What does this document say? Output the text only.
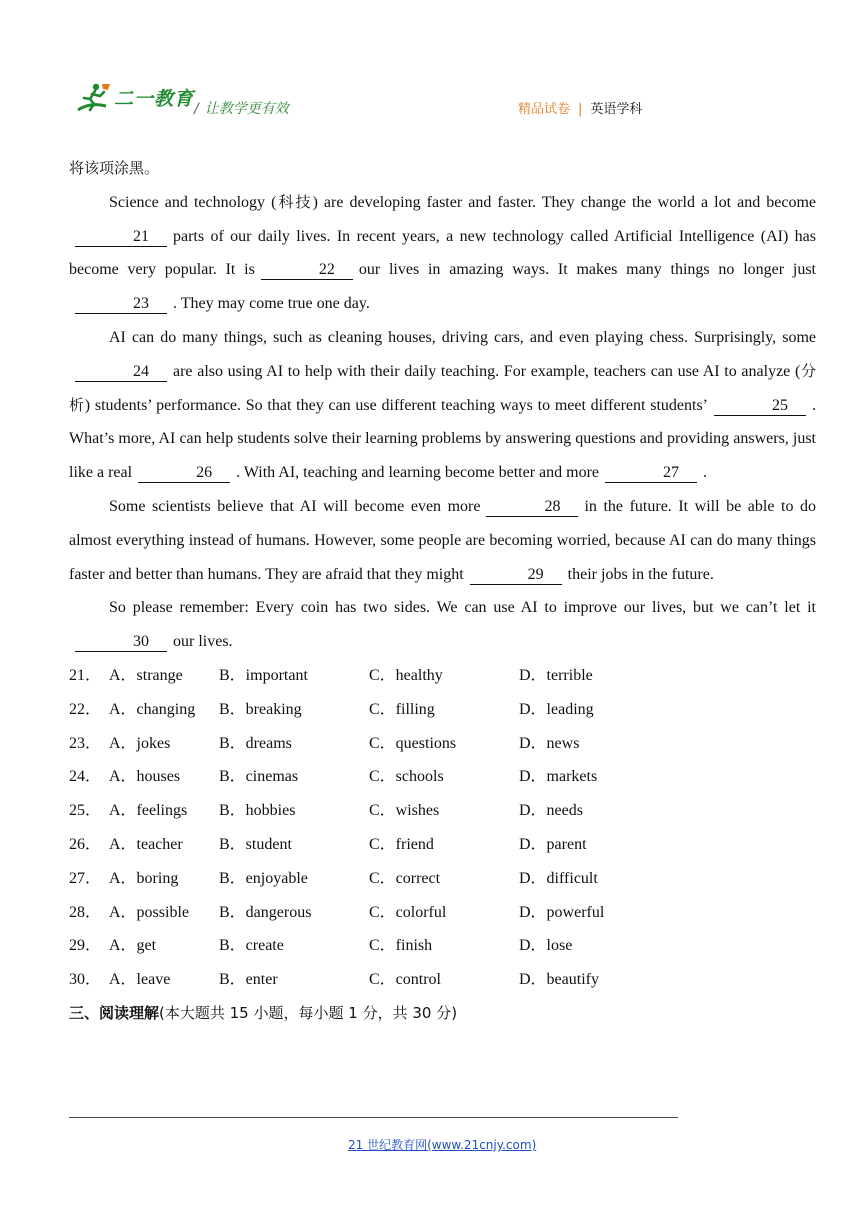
二一教育 / 让教学更有效	精品试卷 | 英语学科

将该项涂黑。

Science and technology (科技) are developing faster and faster. They change the world a lot and become21 parts of our daily lives. In recent years, a new technology called Artificial Intelligence (AI) has become very popular. It is	22 our lives in amazing ways. It makes many things no longer just23 . They may come true one day.

AI can do many things, such as cleaning houses, driving cars, and even playing chess. Surprisingly, some24 are also using AI to help with their daily teaching. For example, teachers can use AI to analyze (分析) students’ performance. So that they can use different teaching ways to meet different students’	25 . What’s more, AI can help students solve their learning problems by answering questions and providing answers, just like a real	26 . With AI, teaching and learning become better and more	27 .

Some scientists believe that AI will become even more	28 in the future. It will be able to do almost everything instead of humans. However, some people are becoming worried, because AI can do many things faster and better than humans. They are afraid that they might	29 their jobs in the future.

So please remember: Every coin has two sides. We can use AI to improve our lives, but we can’t let it30 our lives.

21． A．strange B．important	C．healthy	D．terrible
22． A．changing B．breaking	C．filling	D．leading
23． A．jokes	B．dreams	C．questions	D．news
24． A．houses B．cinemas	C．schools	D．markets
25． A．feelings B．hobbies	C．wishes	D．needs
26． A．teacher B．student	C．friend	D．parent
27． A．boring	B．enjoyable	C．correct	D．difficult
28． A．possible B．dangerous	C．colorful	D．powerful
29． A．get	B．create	C．finish	D．lose
30． A．leave	B．enter	C．control	D．beautify

三、阅读理解(本大题共 15 小题，每小题 1 分，共 30 分)

21 世纪教育网(www.21cnjy.com)
